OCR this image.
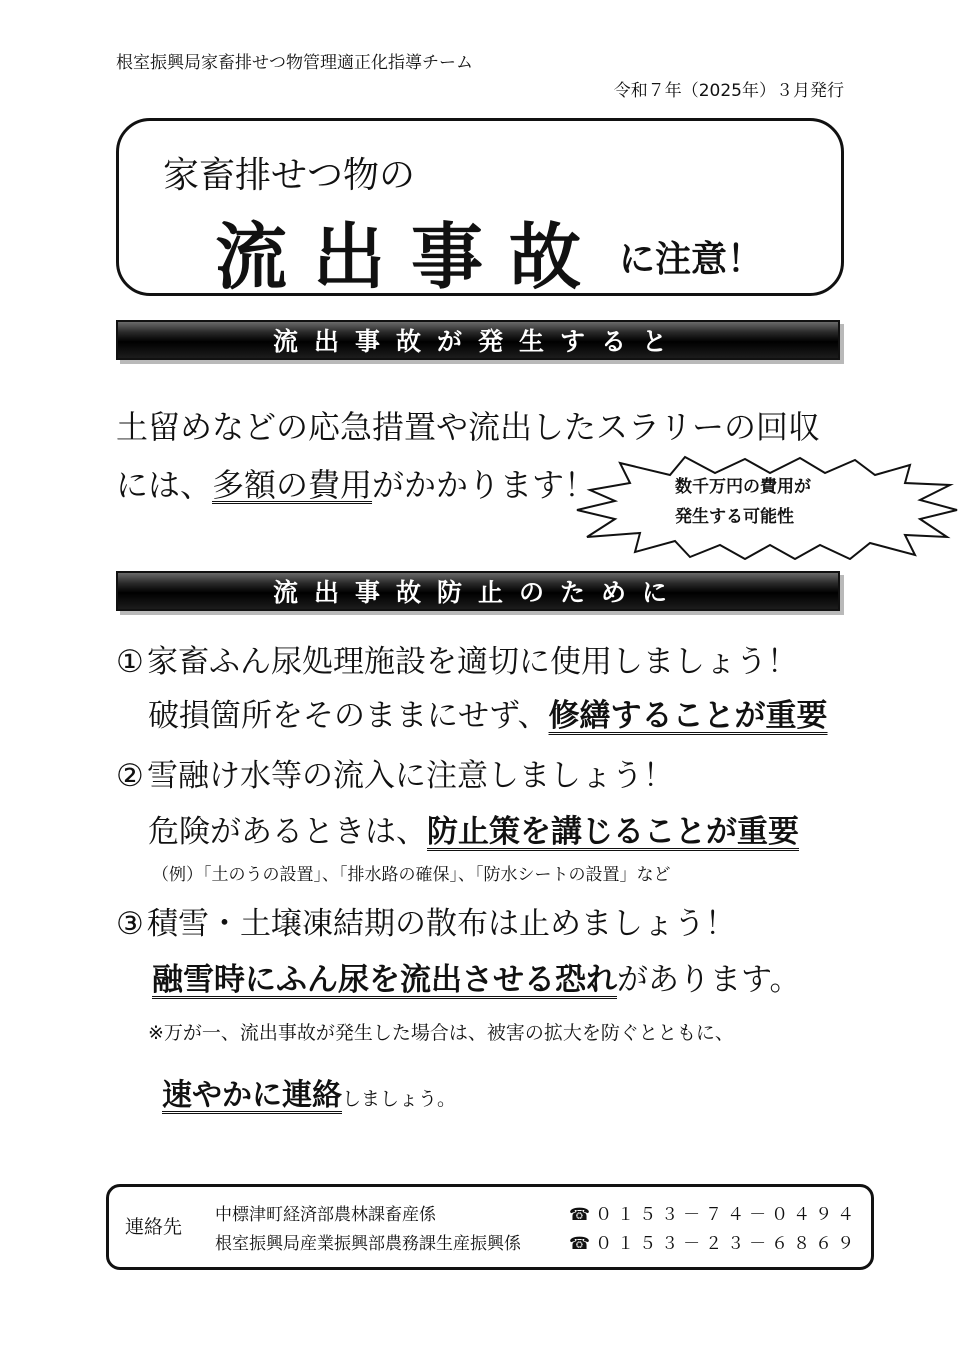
根室振興局家畜排せつ物管理適正化指導チーム
令和７年（2025年）３月発行
家畜排せつ物の
流出事故 に注意！
流出事故が発生すると
土留めなどの応急措置や流出したスラリーの回収
には、多額の費用がかかります！	数千万円の費用が
発生する可能性
流出事故防止のために
① 家畜ふん尿処理施設を適切に使用しましょう！
破損箇所をそのままにせず、修繕することが重要
② 雪融け水等の流入に注意しましょう！
危険があるときは、防止策を講じることが重要
（例）「土のうの設置」、「排水路の確保」、「防水シートの設置」など
③ 積雪・土壌凍結期の散布は止めましょう！
融雪時にふん尿を流出させる恐れがあります。
※万が一、流出事故が発生した場合は、被害の拡大を防ぐとともに、
速やかに連絡しましょう。
連絡先
中標津町経済部農林課畜産係	☎０１５３－７４－０４９４
根室振興局産業振興部農務課生産振興係	☎０１５３－２３－６８６９
